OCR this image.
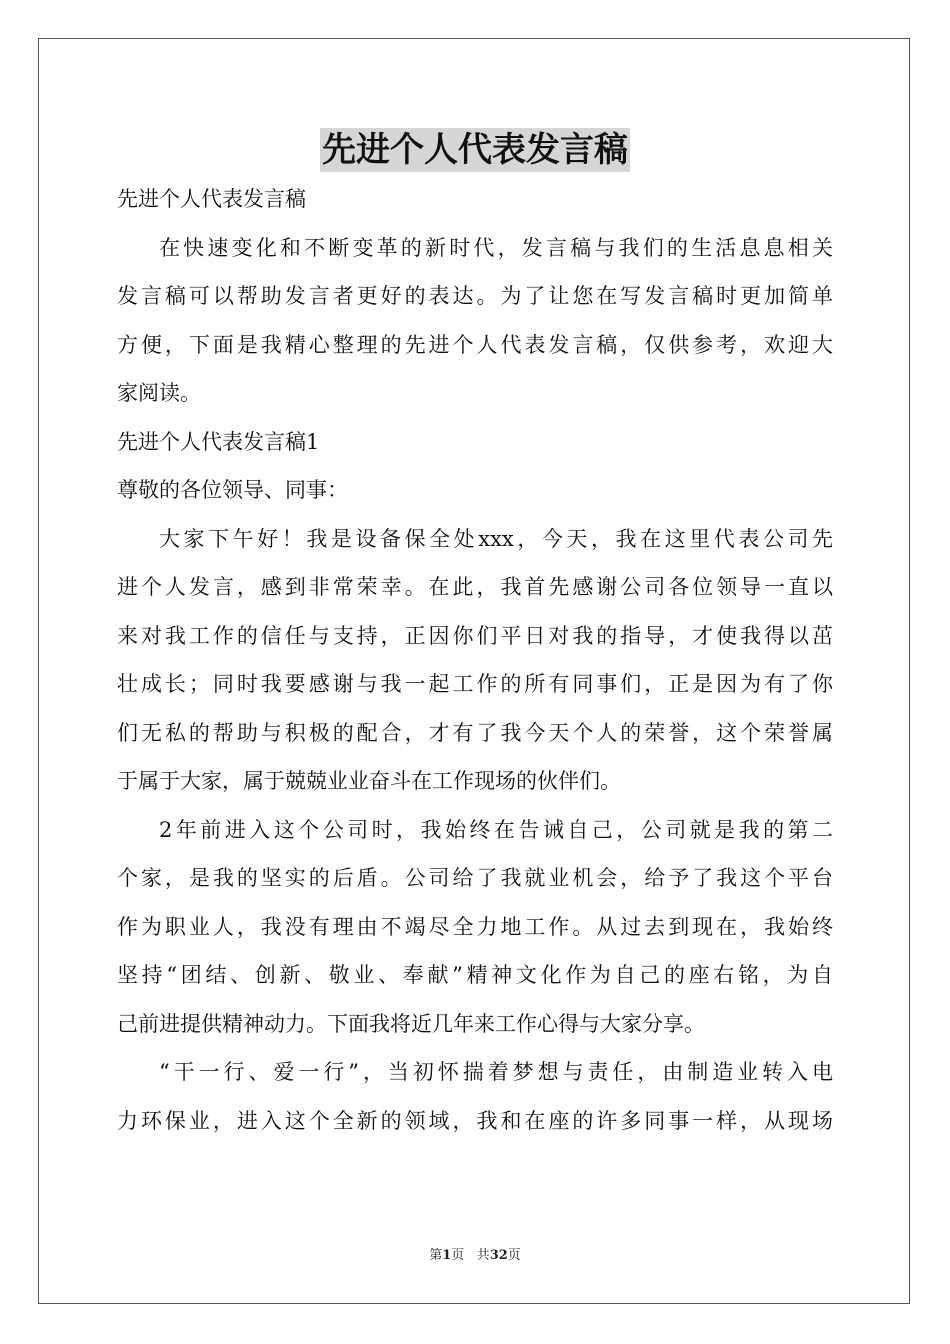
先进个人代表发言稿
先进个人代表发言稿
在快速变化和不断变革的新时代，发言稿与我们的生活息息相关
发言稿可以帮助发言者更好的表达。为了让您在写发言稿时更加简单
方便，下面是我精心整理的先进个人代表发言稿，仅供参考，欢迎大
家阅读。
先进个人代表发言稿1
尊敬的各位领导、同事：
大家下午好！我是设备保全处xxx，今天，我在这里代表公司先
进个人发言，感到非常荣幸。在此，我首先感谢公司各位领导一直以
来对我工作的信任与支持，正因你们平日对我的指导，才使我得以茁
壮成长；同时我要感谢与我一起工作的所有同事们，正是因为有了你
们无私的帮助与积极的配合，才有了我今天个人的荣誉，这个荣誉属
于属于大家，属于兢兢业业奋斗在工作现场的伙伴们。
2年前进入这个公司时，我始终在告诫自己，公司就是我的第二
个家，是我的坚实的后盾。公司给了我就业机会，给予了我这个平台
作为职业人，我没有理由不竭尽全力地工作。从过去到现在，我始终
坚持“团结、创新、敬业、奉献”精神文化作为自己的座右铭，为自
己前进提供精神动力。下面我将近几年来工作心得与大家分享。
“干一行、爱一行”，当初怀揣着梦想与责任，由制造业转入电
力环保业，进入这个全新的领域，我和在座的许多同事一样，从现场
第1页 共32页
